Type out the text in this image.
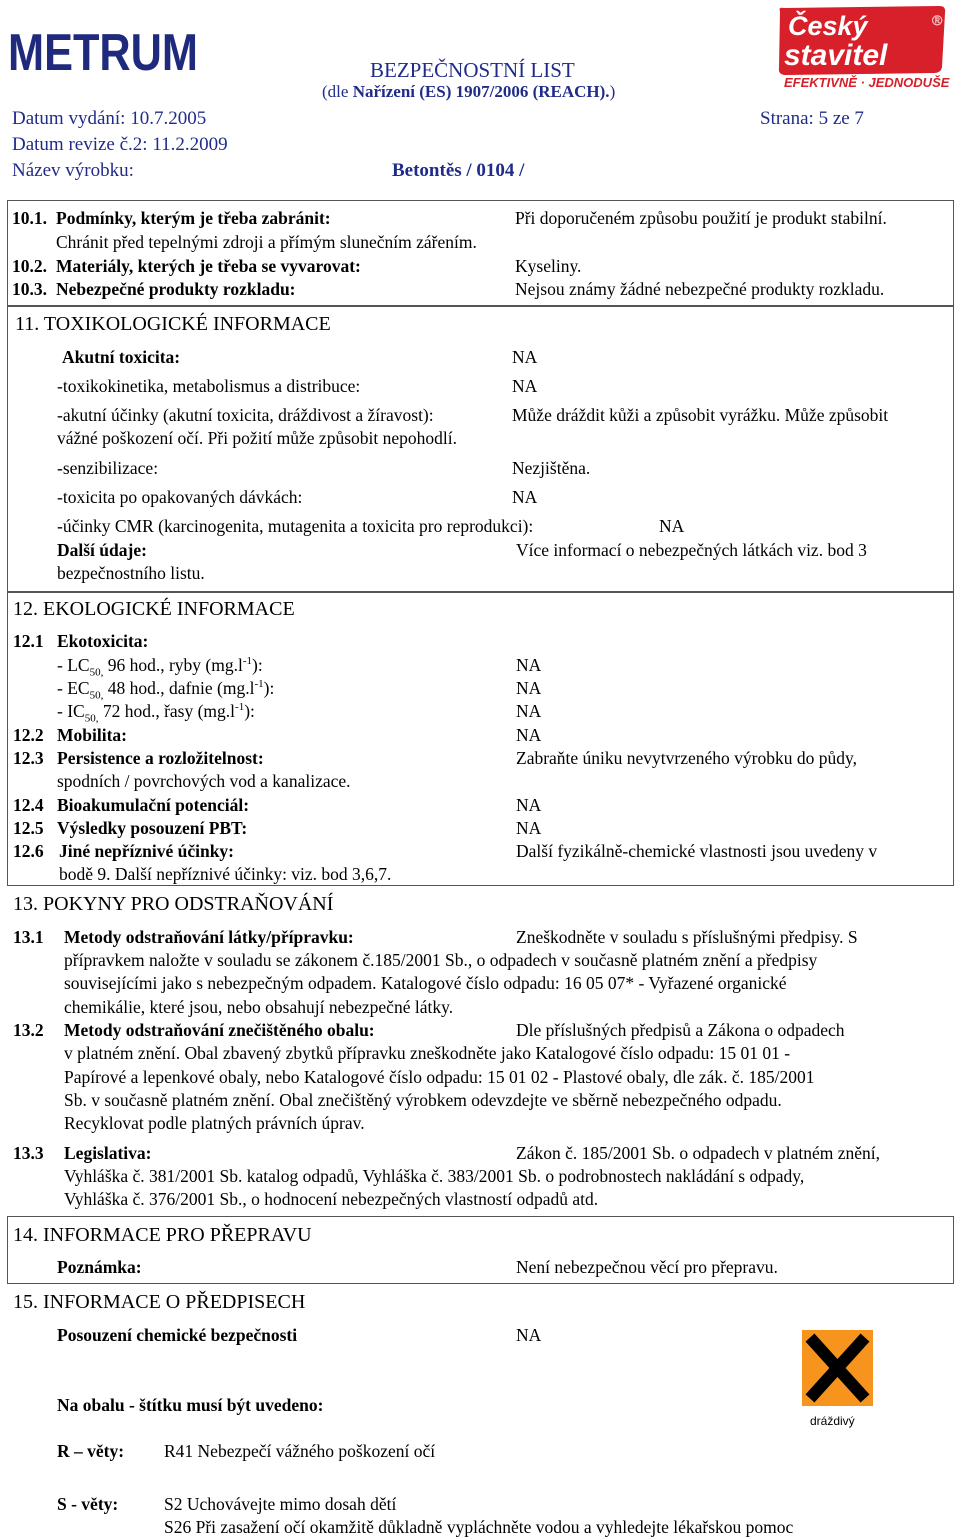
METRUM	BEZPEČNOSTNÍ LIST
(dle Nařízení (ES) 1907/2006 (REACH).)
Český
stavitel
®
EFEKTIVNĚ · JEDNODUŠE
Datum vydání: 10.7.2005	Strana: 5 ze 7
Datum revize č.2: 11.2.2009
Název výrobku:	Betontěs / 0104 /
10.1. Podmínky, kterým je třeba zabránit:	Při doporučeném způsobu použití je produkt stabilní.
Chránit před tepelnými zdroji a přímým slunečním zářením.
10.2. Materiály, kterých je třeba se vyvarovat:	Kyseliny.
10.3. Nebezpečné produkty rozkladu:	Nejsou známy žádné nebezpečné produkty rozkladu.
11. TOXIKOLOGICKÉ INFORMACE
Akutní toxicita:	NA
-toxikokinetika, metabolismus a distribuce:	NA
-akutní účinky (akutní toxicita, dráždivost a žíravost):	Může dráždit kůži a způsobit vyrážku. Může způsobit
vážné poškození očí. Při požití může způsobit nepohodlí.
-senzibilizace:	Nezjištěna.
-toxicita po opakovaných dávkách:	NA
-účinky CMR (karcinogenita, mutagenita a toxicita pro reprodukci):	NA
Další údaje:	Více informací o nebezpečných látkách viz. bod 3
bezpečnostního listu.
12. EKOLOGICKÉ INFORMACE
12.1 Ekotoxicita:
- $LC_{50,}$ 96 hod., ryby $(mg.l^{-1})$:	NA
- $EC_{50,}$ 48 hod., dafnie $(mg.l^{-1})$:	NA
- $IC_{50,}$ 72 hod., řasy $(mg.l^{-1})$:	NA
12.2 Mobilita:	NA
12.3 Persistence a rozložitelnost:	Zabraňte úniku nevytvrzeného výrobku do půdy,
spodních / povrchových vod a kanalizace.
12.4 Bioakumulační potenciál:	NA
12.5 Výsledky posouzení PBT:	NA
12.6 Jiné nepříznivé účinky:	Další fyzikálně-chemické vlastnosti jsou uvedeny v
bodě 9. Další nepříznivé účinky: viz. bod 3,6,7.
13. POKYNY PRO ODSTRAŇOVÁNÍ
13.1 Metody odstraňování látky/přípravku:	Zneškodněte v souladu s příslušnými předpisy. S
přípravkem naložte v souladu se zákonem č.185/2001 Sb., o odpadech v současně platném znění a předpisy
souvisejícími jako s nebezpečným odpadem. Katalogové číslo odpadu: 16 05 07* - Vyřazené organické
chemikálie, které jsou, nebo obsahují nebezpečné látky.
13.2 Metody odstraňování znečištěného obalu:	Dle příslušných předpisů a Zákona o odpadech
v platném znění. Obal zbavený zbytků přípravku zneškodněte jako Katalogové číslo odpadu: 15 01 01 -
Papírové a lepenkové obaly, nebo Katalogové číslo odpadu: 15 01 02 - Plastové obaly, dle zák. č. 185/2001
Sb. v současně platném znění. Obal znečištěný výrobkem odevzdejte ve sběrně nebezpečného odpadu.
Recyklovat podle platných právních úprav.
13.3 Legislativa:	Zákon č. 185/2001 Sb. o odpadech v platném znění,
Vyhláška č. 381/2001 Sb. katalog odpadů, Vyhláška č. 383/2001 Sb. o podrobnostech nakládání s odpady,
Vyhláška č. 376/2001 Sb., o hodnocení nebezpečných vlastností odpadů atd.
14. INFORMACE PRO PŘEPRAVU
Poznámka:	Není nebezpečnou věcí pro přepravu.
15. INFORMACE O PŘEDPISECH
Posouzení chemické bezpečnosti	NA
dráždivý
Na obalu - štítku musí být uvedeno:
R – věty: R41 Nebezpečí vážného poškození očí
S - věty:	S2 Uchovávejte mimo dosah dětí
S26 Při zasažení očí okamžitě důkladně vypláchněte vodou a vyhledejte lékařskou pomoc
